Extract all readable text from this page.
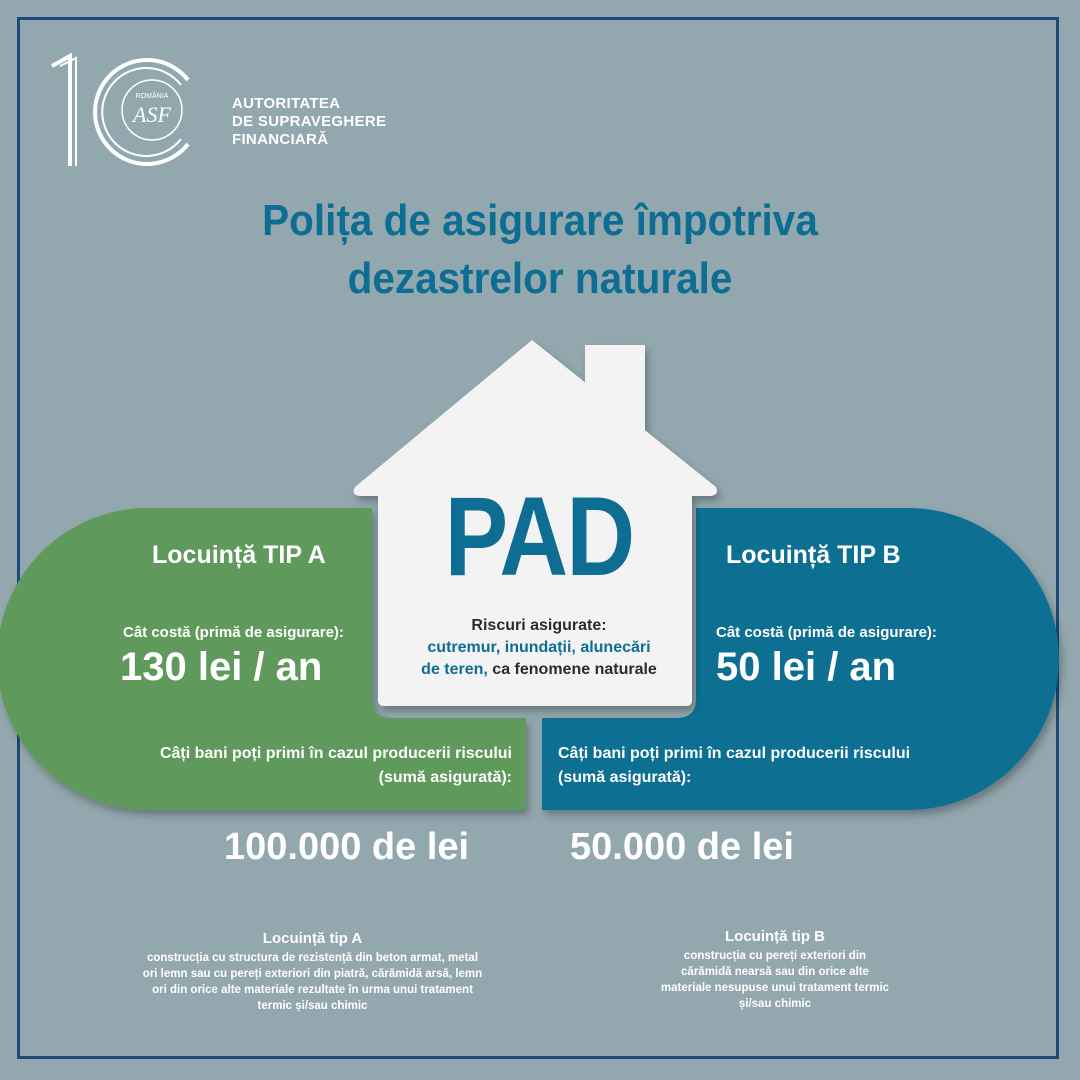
ROMÂNIA
ASF	AUTORITATEA
DE SUPRAVEGHERE
FINANCIARĂ
Polița de asigurare împotriva
dezastrelor naturale
PAD
Riscuri asigurate:
cutremur, inundații, alunecări
de teren, ca fenomene naturale
Locuință TIP A
Cât costă (primă de asigurare):
130 lei / an
Câți bani poți primi în cazul producerii riscului
(sumă asigurată):
100.000 de lei
Locuință TIP B
Cât costă (primă de asigurare):
50 lei / an
Câți bani poți primi în cazul producerii riscului
(sumă asigurată):
50.000 de lei
Locuință tip A
construcția cu structura de rezistență din beton armat, metal
ori lemn sau cu pereți exteriori din piatră, cărămidă arsă, lemn
ori din orice alte materiale rezultate în urma unui tratament
termic și/sau chimic
Locuință tip B
construcția cu pereți exteriori din
cărămidă nearsă sau din orice alte
materiale nesupuse unui tratament termic
și/sau chimic
